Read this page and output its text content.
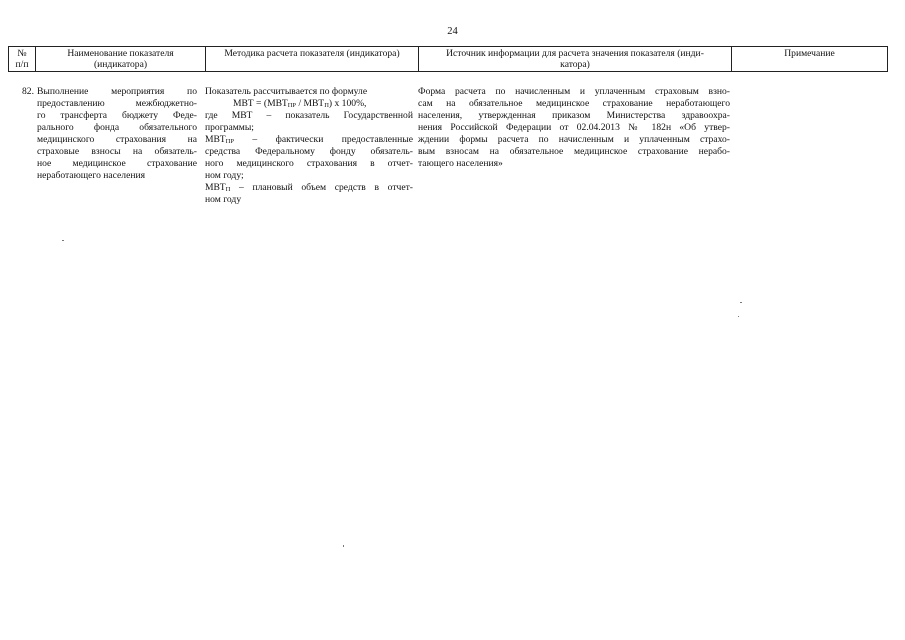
24
№
п/п
Наименование показателя
(индикатора)
Методика расчета показателя (индикатора)	Источник информации для расчета значения показателя (инди-
катора)
Примечание
82. Выполнение мероприятия по
предоставлению межбюджетно-
го трансферта бюджету Феде-
рального фонда обязательного
медицинского страхования на
страховые взносы на обязатель-
ное медицинское страхование
неработающего населения
Показатель рассчитывается по формуле
МВТ = $(МВТ_{ПР} / МВТ_П)$ x 100%,
где МВТ – показатель Государственной
программы;
$МВТ_{ПР}$ – фактически предоставленные
средства Федеральному фонду обязатель-
ного медицинского страхования в отчет-
ном году;
$МВТ_П$ – плановый объем средств в отчет-
ном году
Форма расчета по начисленным и уплаченным страховым взно-
сам на обязательное медицинское страхование неработающего
населения, утвержденная приказом Министерства здравоохра-
нения Российской Федерации от 02.04.2013 № 182н «Об утвер-
ждении формы расчета по начисленным и уплаченным страхо-
вым взносам на обязательное медицинское страхование нерабо-
тающего населения»
